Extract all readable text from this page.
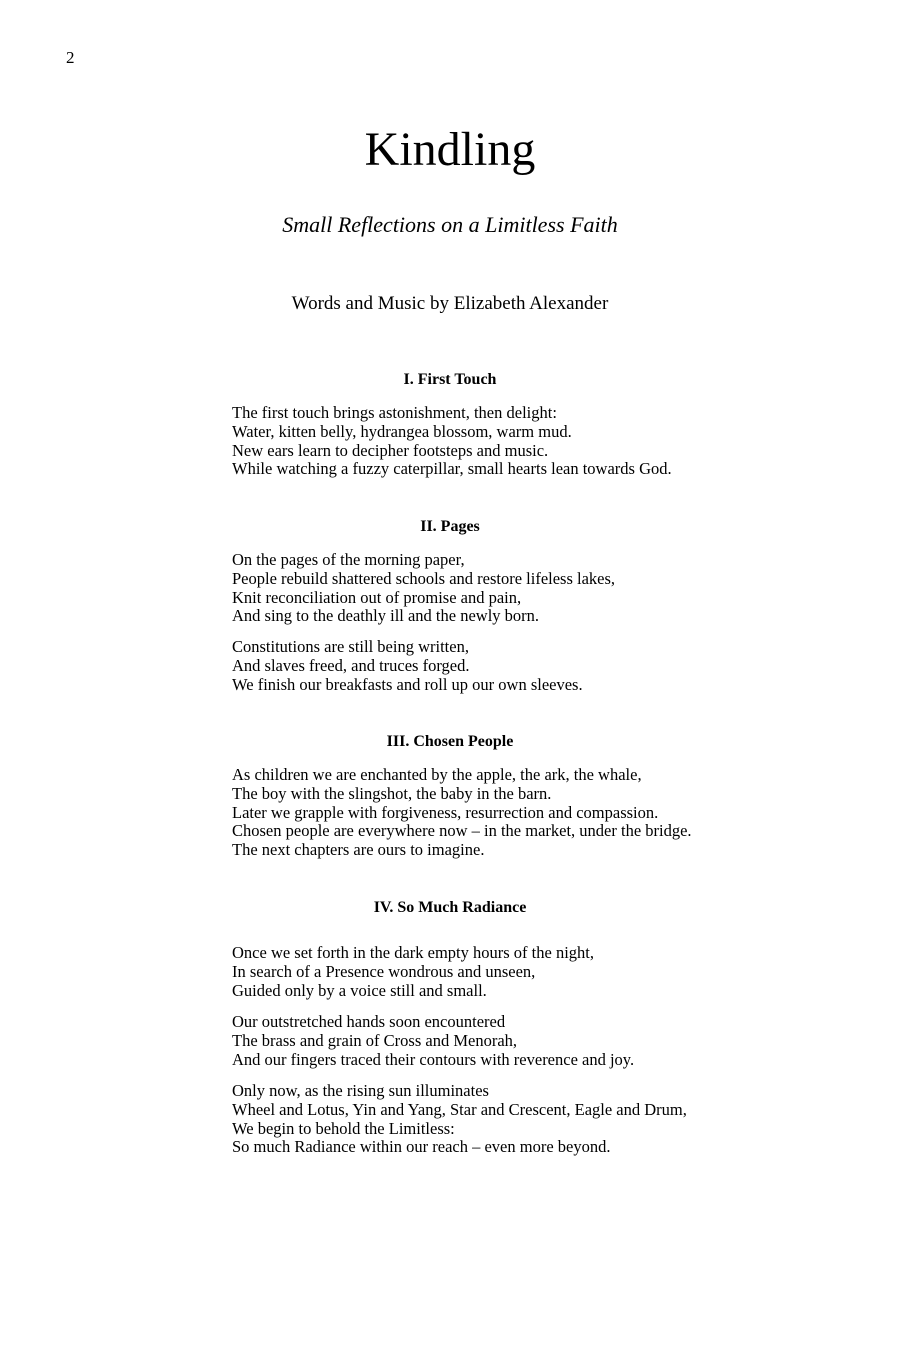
2
Kindling

Small Reflections on a Limitless Faith

Words and Music by Elizabeth Alexander

I. First Touch
The first touch brings astonishment, then delight:
Water, kitten belly, hydrangea blossom, warm mud.
New ears learn to decipher footsteps and music.
While watching a fuzzy caterpillar, small hearts lean towards God.
II. Pages
On the pages of the morning paper,
People rebuild shattered schools and restore lifeless lakes,
Knit reconciliation out of promise and pain,
And sing to the deathly ill and the newly born.
Constitutions are still being written,
And slaves freed, and truces forged.
We finish our breakfasts and roll up our own sleeves.
III. Chosen People
As children we are enchanted by the apple, the ark, the whale,
The boy with the slingshot, the baby in the barn.
Later we grapple with forgiveness, resurrection and compassion.
Chosen people are everywhere now – in the market, under the bridge.
The next chapters are ours to imagine.
IV. So Much Radiance
Once we set forth in the dark empty hours of the night,
In search of a Presence wondrous and unseen,
Guided only by a voice still and small.
Our outstretched hands soon encountered
The brass and grain of Cross and Menorah,
And our fingers traced their contours with reverence and joy.
Only now, as the rising sun illuminates
Wheel and Lotus, Yin and Yang, Star and Crescent, Eagle and Drum,
We begin to behold the Limitless:
So much Radiance within our reach – even more beyond.
